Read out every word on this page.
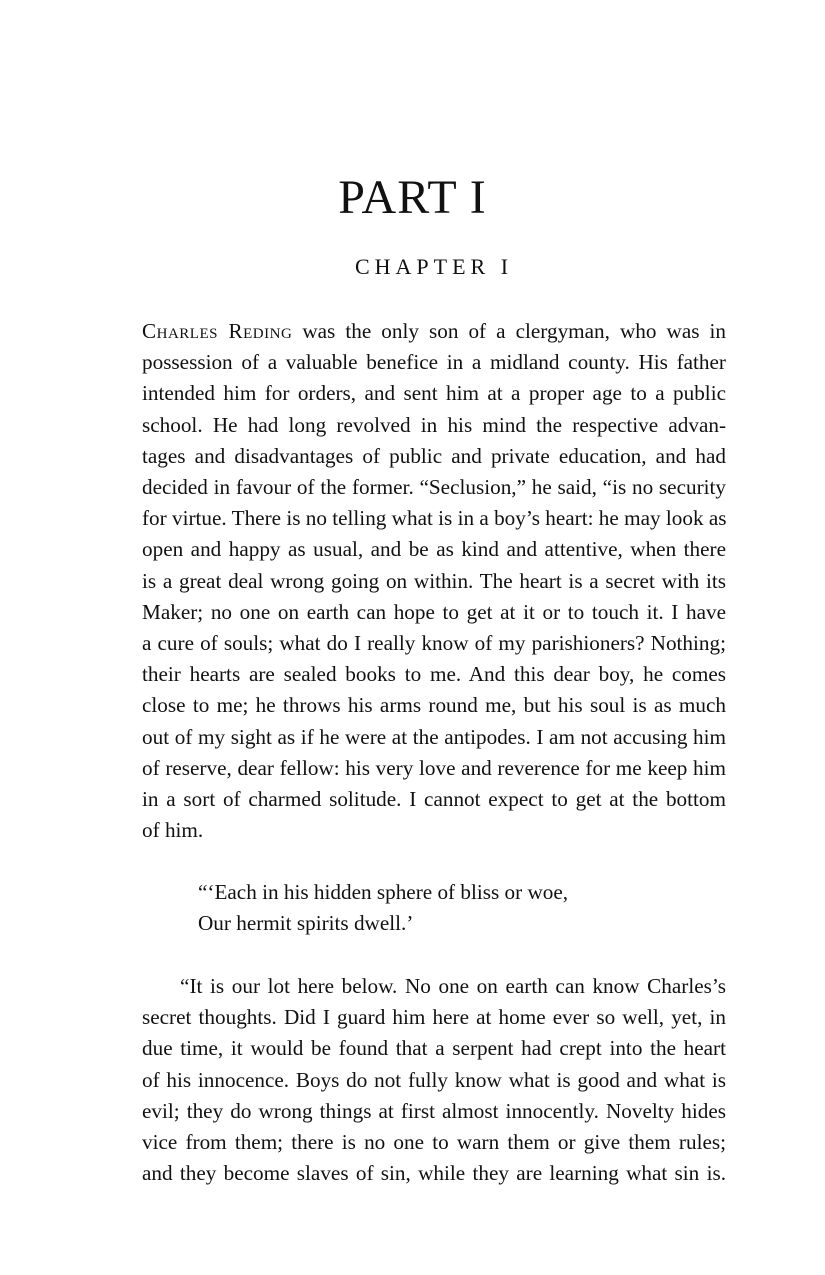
PART I
CHAPTER I
Charles Reding was the only son of a clergyman, who was in
possession of a valuable benefice in a midland county. His father
intended him for orders, and sent him at a proper age to a public
school. He had long revolved in his mind the respective advan-
tages and disadvantages of public and private education, and had
decided in favour of the former. “Seclusion,” he said, “is no security
for virtue. There is no telling what is in a boy’s heart: he may look as
open and happy as usual, and be as kind and attentive, when there
is a great deal wrong going on within. The heart is a secret with its
Maker; no one on earth can hope to get at it or to touch it. I have
a cure of souls; what do I really know of my parishioners? Nothing;
their hearts are sealed books to me. And this dear boy, he comes
close to me; he throws his arms round me, but his soul is as much
out of my sight as if he were at the antipodes. I am not accusing him
of reserve, dear fellow: his very love and reverence for me keep him
in a sort of charmed solitude. I cannot expect to get at the bottom
of him.
“‘Each in his hidden sphere of bliss or woe,
Our hermit spirits dwell.’
“It is our lot here below. No one on earth can know Charles’s
secret thoughts. Did I guard him here at home ever so well, yet, in
due time, it would be found that a serpent had crept into the heart
of his innocence. Boys do not fully know what is good and what is
evil; they do wrong things at first almost innocently. Novelty hides
vice from them; there is no one to warn them or give them rules;
and they become slaves of sin, while they are learning what sin is.
